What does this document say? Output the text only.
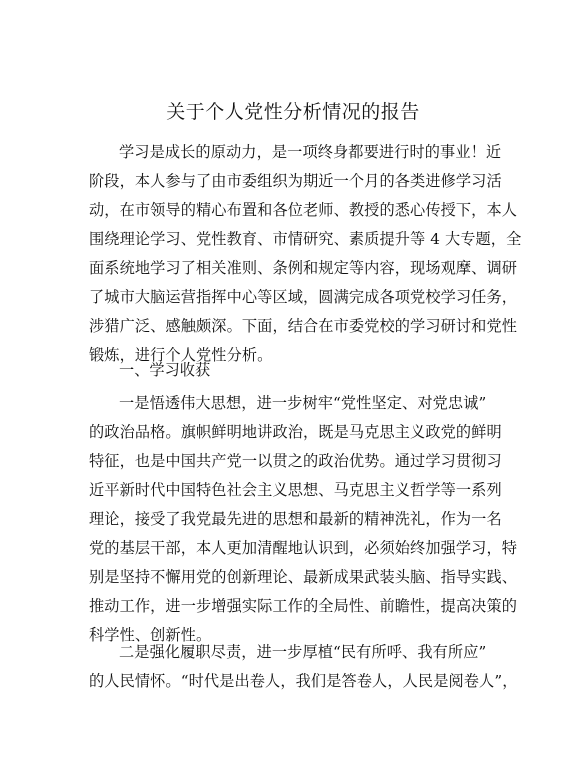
关于个人党性分析情况的报告
学习是成长的原动力，是一项终身都要进行时的事业！近
阶段，本人参与了由市委组织为期近一个月的各类进修学习活
动，在市领导的精心布置和各位老师、教授的悉心传授下，本人
围绕理论学习、党性教育、市情研究、素质提升等 4 大专题，全
面系统地学习了相关准则、条例和规定等内容，现场观摩、调研
了城市大脑运营指挥中心等区域，圆满完成各项党校学习任务，
涉猎广泛、感触颇深。下面，结合在市委党校的学习研讨和党性
锻炼，进行个人党性分析。
一、学习收获
一是悟透伟大思想，进一步树牢“党性坚定、对党忠诚”
的政治品格。旗帜鲜明地讲政治，既是马克思主义政党的鲜明
特征，也是中国共产党一以贯之的政治优势。通过学习贯彻习
近平新时代中国特色社会主义思想、马克思主义哲学等一系列
理论，接受了我党最先进的思想和最新的精神洗礼，作为一名
党的基层干部，本人更加清醒地认识到，必须始终加强学习，特
别是坚持不懈用党的创新理论、最新成果武装头脑、指导实践、
推动工作，进一步增强实际工作的全局性、前瞻性，提高决策的
科学性、创新性。
二是强化履职尽责，进一步厚植“民有所呼、我有所应”
的人民情怀。“时代是出卷人，我们是答卷人，人民是阅卷人”，
